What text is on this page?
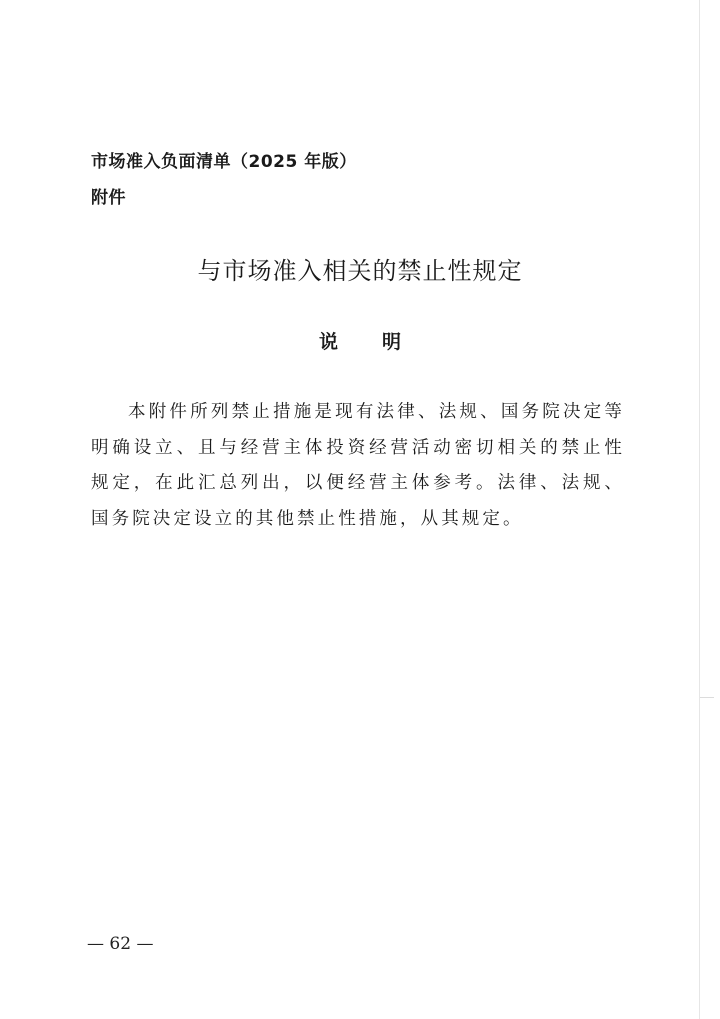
市场准入负面清单（2025 年版）
附件
与市场准入相关的禁止性规定
说明

本附件所列禁止措施是现有法律、法规、国务院决定等明确设立、且与经营主体投资经营活动密切相关的禁止性规定，在此汇总列出，以便经营主体参考。法律、法规、国务院决定设立的其他禁止性措施，从其规定。

— 62 —
